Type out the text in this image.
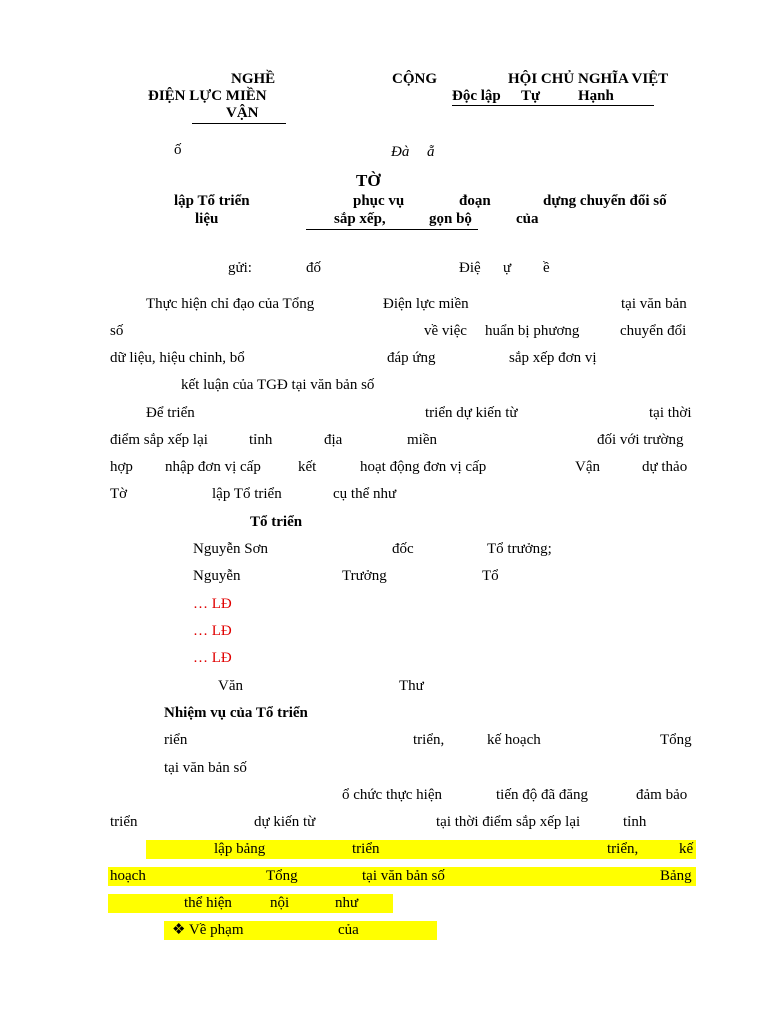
NGHỀ
ĐIỆN LỰC MIỀN
VẬN
CỘNG	HỘI CHỦ NGHĨA VIỆT
Độc lập Tự	Hạnh
ố	Đà ẵ
TỜ
lập Tổ triển	phục vụ	đoạn	dựng chuyển đổi số
liệu	sắp xếp,	gọn bộ	của
gửi:	đố	Điệ ự ề
Thực hiện chỉ đạo của Tổng	Điện lực miền	tại văn bản
số	về việc huẩn bị phương	chuyển đổi
dữ liệu, hiệu chỉnh, bổ	đáp ứng	sắp xếp đơn vị
kết luận của TGĐ tại văn bản số
Để triển	triển dự kiến từ	tại thời
điểm sắp xếp lại	tỉnh	địa	miền	đối với trường
hợp nhập đơn vị cấp kết	hoạt động đơn vị cấp	Vận	dự thảo
Tờ	lập Tổ triển	cụ thể như
Tổ triển
Nguyễn Sơn	đốc	Tổ trưởng;
Nguyễn	Trưởng	Tổ
… LĐ
… LĐ
… LĐ
Văn	Thư
Nhiệm vụ của Tổ triển
riển	triển,	kế hoạch	Tổng
tại văn bản số
ổ chức thực hiện	tiến độ đã đăng	đảm bảo
triển	dự kiến từ	tại thời điểm sắp xếp lại	tỉnh
lập bảng	triển	triển,	kế
hoạch	Tổng	tại văn bản số	Bảng
thể hiện	nội	như
❖ Về phạm	của
